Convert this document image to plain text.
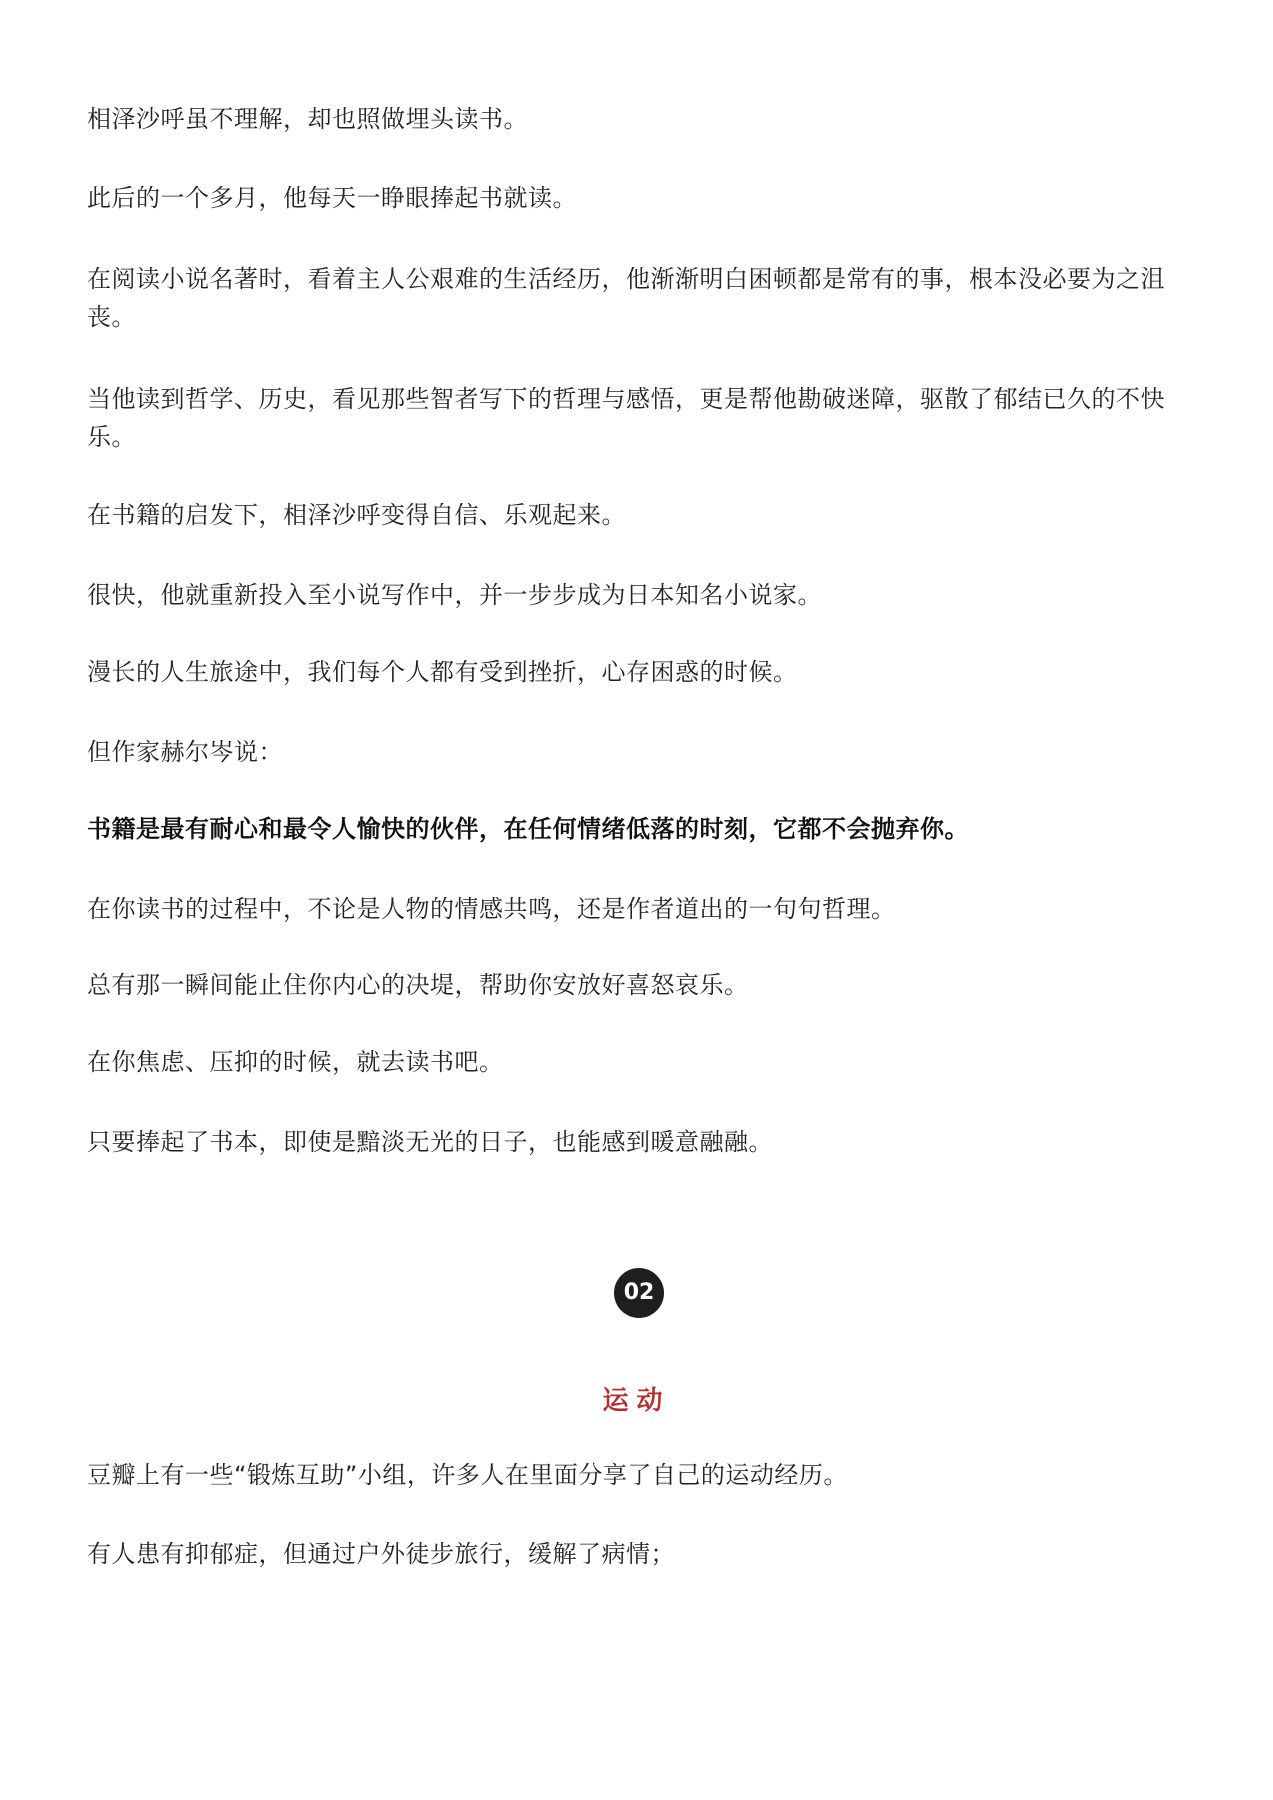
相泽沙呼虽不理解，却也照做埋头读书。

此后的一个多月，他每天一睁眼捧起书就读。

在阅读小说名著时，看着主人公艰难的生活经历，他渐渐明白困顿都是常有的事，根本没必要为之沮丧。

当他读到哲学、历史，看见那些智者写下的哲理与感悟，更是帮他勘破迷障，驱散了郁结已久的不快乐。

在书籍的启发下，相泽沙呼变得自信、乐观起来。

很快，他就重新投入至小说写作中，并一步步成为日本知名小说家。

漫长的人生旅途中，我们每个人都有受到挫折，心存困惑的时候。

但作家赫尔岑说：

书籍是最有耐心和最令人愉快的伙伴，在任何情绪低落的时刻，它都不会抛弃你。

在你读书的过程中，不论是人物的情感共鸣，还是作者道出的一句句哲理。

总有那一瞬间能止住你内心的决堤，帮助你安放好喜怒哀乐。

在你焦虑、压抑的时候，就去读书吧。

只要捧起了书本，即使是黯淡无光的日子，也能感到暖意融融。

02
运动

豆瓣上有一些“锻炼互助”小组，许多人在里面分享了自己的运动经历。

有人患有抑郁症，但通过户外徒步旅行，缓解了病情；
